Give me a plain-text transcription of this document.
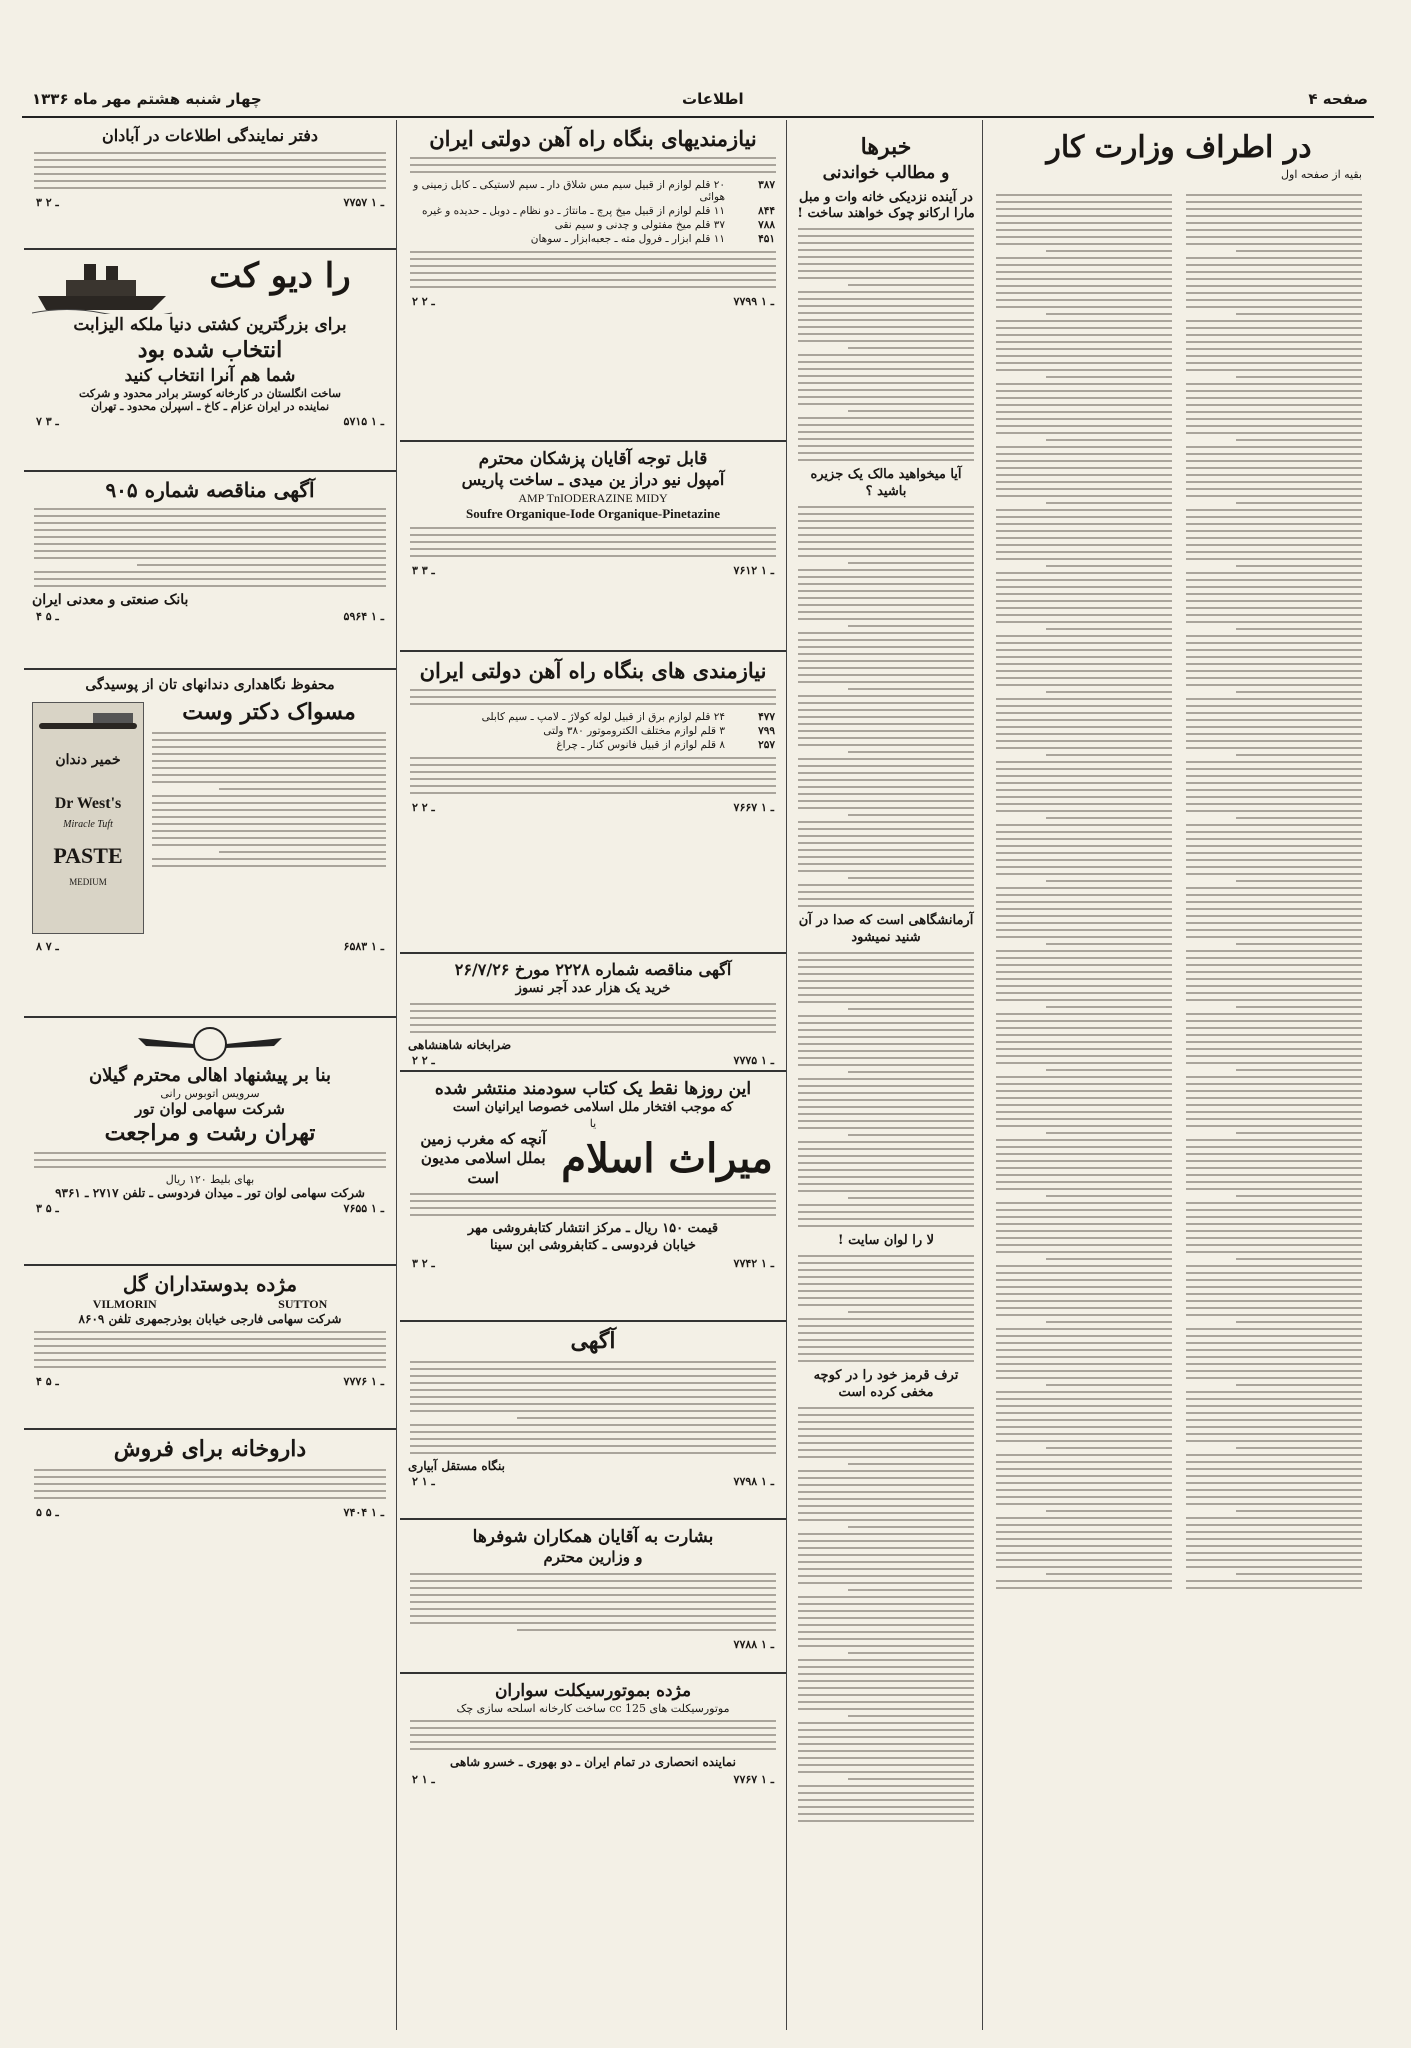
صفحه ۴
اطلاعات
چهار شنبه هشتم مهر ماه ۱۳۳۶
در اطراف وزارت کار
بقیه از صفحه اول
خبرها
و مطالب خواندنی
در آینده نزدیکی خانه وات و مبل مارا ارکانو چوک خواهند ساخت !
آیا میخواهید مالک یک جزیره باشید ؟
آرمانشگاهی است که صدا در آن شنید نمیشود
لا را لوان سایت !
ترف قرمز خود را در کوچه مخفی کرده است
نیازمندیهای بنگاه راه آهن دولتی ایران
۳۸۷	۲۰ قلم لوازم از قبیل سیم مس شلاق دار ـ سیم لاستیکی ـ کابل زمینی و هوائی
۸۴۴	۱۱ قلم لوازم از قبیل میخ پرچ ـ مانتاژ ـ دو نظام ـ دوبل ـ حدیده و غیره
۷۸۸	۳۷ قلم میخ مفتولی و چدنی و سیم نقی
۴۵۱	۱۱ قلم ابزار ـ فرول مته ـ جعبه‌ابزار ـ سوهان
۲ ـ ۲	۷۷۹۹ ـ ۱
قابل توجه آقایان پزشکان محترم
آمپول نیو دراز ین میدی ـ ساخت پاریس
AMP TnIODERAZINE MIDY
Soufre Organique-Iode Organique-Pinetazine
۳ ـ ۳	۷۶۱۲ ـ ۱
نیازمندی های بنگاه راه آهن دولتی ایران
۴۷۷	۲۴ قلم لوازم برق از قبیل لوله کولاژ ـ لامپ ـ سیم کابلی
۷۹۹	۳ قلم لوازم مختلف الکتروموتور ۳۸۰ ولتی
۲۵۷	۸ قلم لوازم از قبیل فانوس کنار ـ چراغ
۲ ـ ۲	۷۶۶۷ ـ ۱
آگهی مناقصه شماره ۲۲۲۸ مورخ ۲۶/۷/۲۶
خرید یک هزار عدد آجر نسوز
ضرابخانه شاهنشاهی
۲ ـ ۲	۷۷۷۵ ـ ۱
این روزها نقط یک کتاب سودمند منتشر شده
که موجب افتخار ملل اسلامی خصوصا ایرانیان است
یا
میراث اسلام
آنچه که مغرب زمین بملل اسلامی مدیون است
قیمت ۱۵۰ ریال ـ مرکز انتشار کتابفروشی مهر
خیابان فردوسی ـ کتابفروشی ابن سینا
۳ ـ ۲	۷۷۴۲ ـ ۱
آگهی
بنگاه مستقل آبیاری
۲ ـ ۱	۷۷۹۸ ـ ۱
بشارت به آقایان همکاران شوفرها
و وزارین محترم
۷۷۸۸ ـ ۱
مژده بموتورسیکلت سواران
موتورسیکلت های 125 cc ساخت کارخانه اسلحه سازی چک
نماینده انحصاری در تمام ایران ـ دو بهوری ـ خسرو شاهی
۲ ـ ۱	۷۷۶۷ ـ ۱
دفتر نمایندگی اطلاعات در آبادان
۳ ـ ۲	۷۷۵۷ ـ ۱
را دیو کت
برای بزرگترین کشتی دنیا ملکه الیزابت
انتخاب شده بود
شما هم آنرا انتخاب کنید
ساخت انگلستان در کارخانه کوستر برادر محدود و شرکت
نماینده در ایران عزام ـ کاخ ـ اسپرلن محدود ـ تهران
۷ ـ ۳	۵۷۱۵ ـ ۱
آگهی مناقصه شماره ۹۰۵
بانک صنعتی و معدنی ایران
۴ ـ ۵	۵۹۶۴ ـ ۱
محفوظ نگاهداری دندانهای تان از پوسیدگی
مسواک دکتر وست
خمیر دندان
Dr West's
Miracle Tuft
PASTE
MEDIUM
۸ ـ ۷	۶۵۸۳ ـ ۱
بنا بر پیشنهاد اهالی محترم گیلان
سرویس اتوبوس رانی
شرکت سهامی لوان تور
تهران رشت و مراجعت
بهای بلیط ۱۲۰ ریال
شرکت سهامی لوان تور ـ میدان فردوسی ـ تلفن ۲۷۱۷ ـ ۹۳۶۱
۳ ـ ۵	۷۶۵۵ ـ ۱
مژده بدوستداران گل
VILMORIN	SUTTON
شرکت سهامی فارجی خیابان بوذرجمهری تلفن ۸۶۰۹
۴ ـ ۵	۷۷۷۶ ـ ۱
داروخانه برای فروش
۵ ـ ۵	۷۴۰۴ ـ ۱
